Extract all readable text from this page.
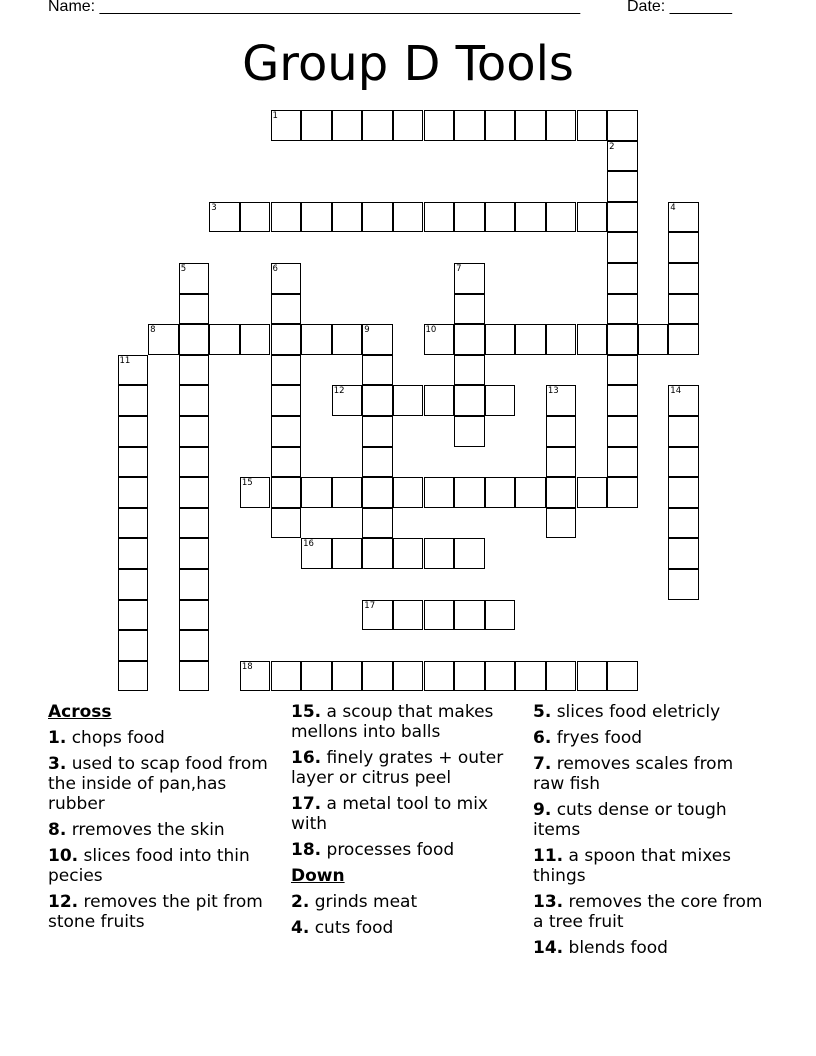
Name: ______________________________________________________	Date: _______
Group D Tools
1
2
3	4
5	6	7
8	9	10
11
12	13	14
15
16
17
18
Across
1. chops food
3. used to scap food from the inside of pan,has rubber
8. rremoves the skin
10. slices food into thin pecies
12. removes the pit from stone fruits
15. a scoup that makes mellons into balls
16. finely grates + outer layer or citrus peel
17. a metal tool to mix with
18. processes food
Down
2. grinds meat
4. cuts food
5. slices food eletricly
6. fryes food
7. removes scales from raw fish
9. cuts dense or tough items
11. a spoon that mixes things
13. removes the core from a tree fruit
14. blends food
